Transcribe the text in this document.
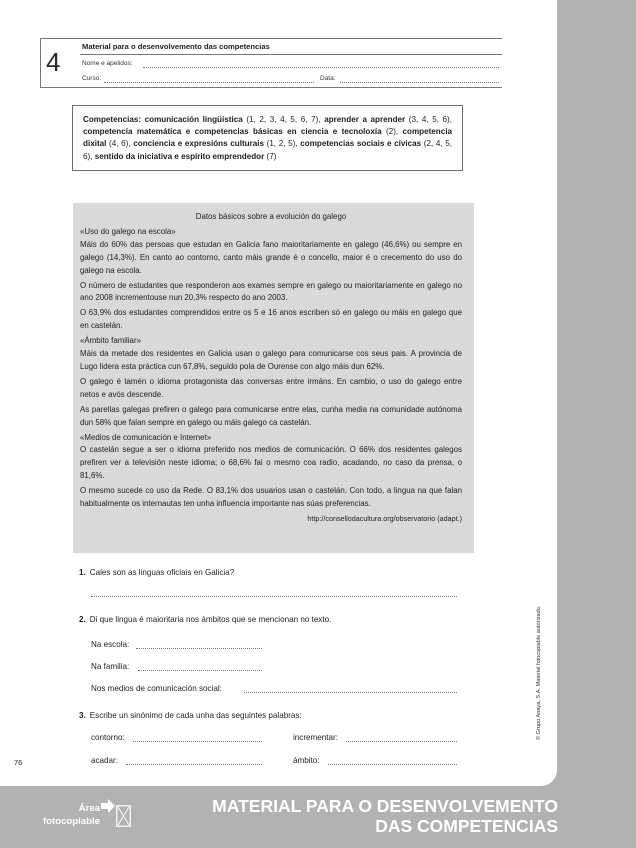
4
Material para o desenvolvemento das competencias
Nome e apelidos:
Curso:	Data:
Competencias: comunicación lingüística (1, 2, 3, 4, 5, 6, 7), aprender a aprender (3, 4, 5, 6), competencia matemática e competencias básicas en ciencia e tecnoloxía (2), competencia dixital (4, 6), conciencia e expresións culturais (1, 2, 5), competencias sociais e cívicas (2, 4, 5, 6), sentido da iniciativa e espírito emprendedor (7)
Datos básicos sobre a evolución do galego

«Uso do galego na escola»

Máis do 60% das persoas que estudan en Galicia fano maioritariamente en galego (46,6%) ou sempre en galego (14,3%). En canto ao contorno, canto máis grande é o concello, maior é o crecemento do uso do galego na escola.

O número de estudantes que responderon aos exames sempre en galego ou maioritariamente en galego no ano 2008 incrementouse nun 20,3% respecto do ano 2003.

O 63,9% dos estudantes comprendidos entre os 5 e 16 anos escriben só en galego ou máis en galego que en castelán.

«Ámbito familiar»

Máis da metade dos residentes en Galicia usan o galego para comunicarse cos seus pais. A provincia de Lugo lidera esta práctica cun 67,8%, seguido pola de Ourense con algo máis dun 62%.

O galego é tamén o idioma protagonista das conversas entre irmáns. En cambio, o uso do galego entre netos e avós descende.

As parellas galegas prefiren o galego para comunicarse entre elas, cunha media na comunidade autónoma dun 58% que falan sempre en galego ou máis galego ca castelán.

«Medios de comunicación e Internet»

O castelán segue a ser o idioma preferido nos medios de comunicación. O 66% dos residentes galegos prefiren ver a televisión neste idioma; o 68,6% fai o mesmo coa radio, acadando, no caso da prensa, o 81,6%.

O mesmo sucede co uso da Rede. O 83,1% dos usuarios usan o castelán. Con todo, a lingua na que falan habitualmente os internautas ten unha influencia importante nas súas preferencias.

http://consellodacultura.org/observatorio (adapt.)
1. Cales son as linguas oficiais en Galicia?
2. Di que lingua é maioritaria nos ámbitos que se mencionan no texto.
Na escola:
Na familia:
Nos medios de comunicación social:
3. Escribe un sinónimo de cada unha das seguintes palabras:
contorno:	incrementar:
acadar:	ámbito:
76
© Grupo Anaya, S.A. Material fotocopiable autorizado.
Área
fotocopiable
MATERIAL PARA O DESENVOLVEMENTO
DAS COMPETENCIAS
